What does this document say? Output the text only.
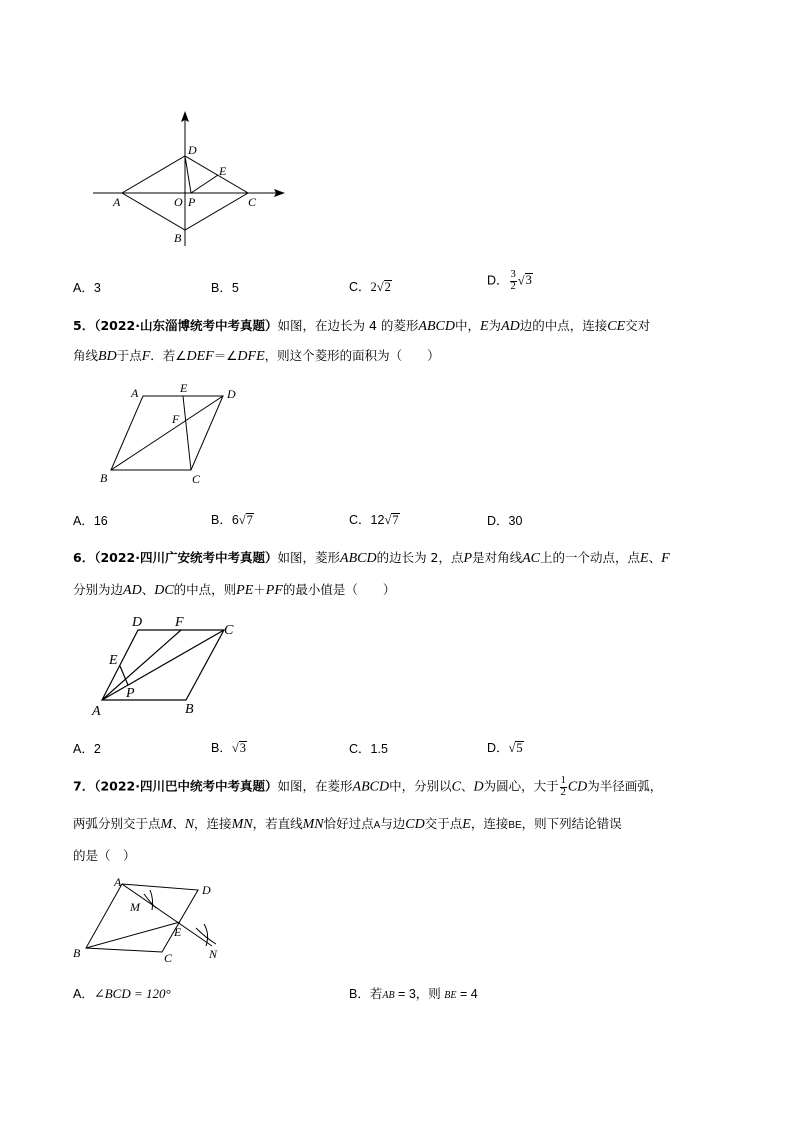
D
E
A	O P	C
B
A．3	B．5	C．2√2	D． $\frac{3}{2} √3$
5．（2022·山东淄博统考中考真题）如图，在边长为 4 的菱形ABCD中，E为AD边的中点，连接CE交对
角线BD于点F．若∠DEF＝∠DFE，则这个菱形的面积为（　　）
A	E	D
F
B	C
A．16	B．6√7	C．12√7	D．30
6．（2022·四川广安统考中考真题）如图，菱形ABCD的边长为 2，点P是对角线AC上的一个动点，点E、F
分别为边AD、DC的中点，则PE＋PF的最小值是（　　）
D F
C
E
P
A	B
A．2	B．√3	C．1.5	D．√5
7．（2022·四川巴中统考中考真题）如图，在菱形ABCD中，分别以C、D为圆心，大于 $\frac{1}{2}$ CD为半径画弧，
两弧分别交于点M、N，连接MN，若直线MN恰好过点A与边CD交于点E，连接BE，则下列结论错误
的是（　）
A
D
M
E
B	C	N
A．∠BCD = 120°	B．若AB = 3，则 BE = 4
